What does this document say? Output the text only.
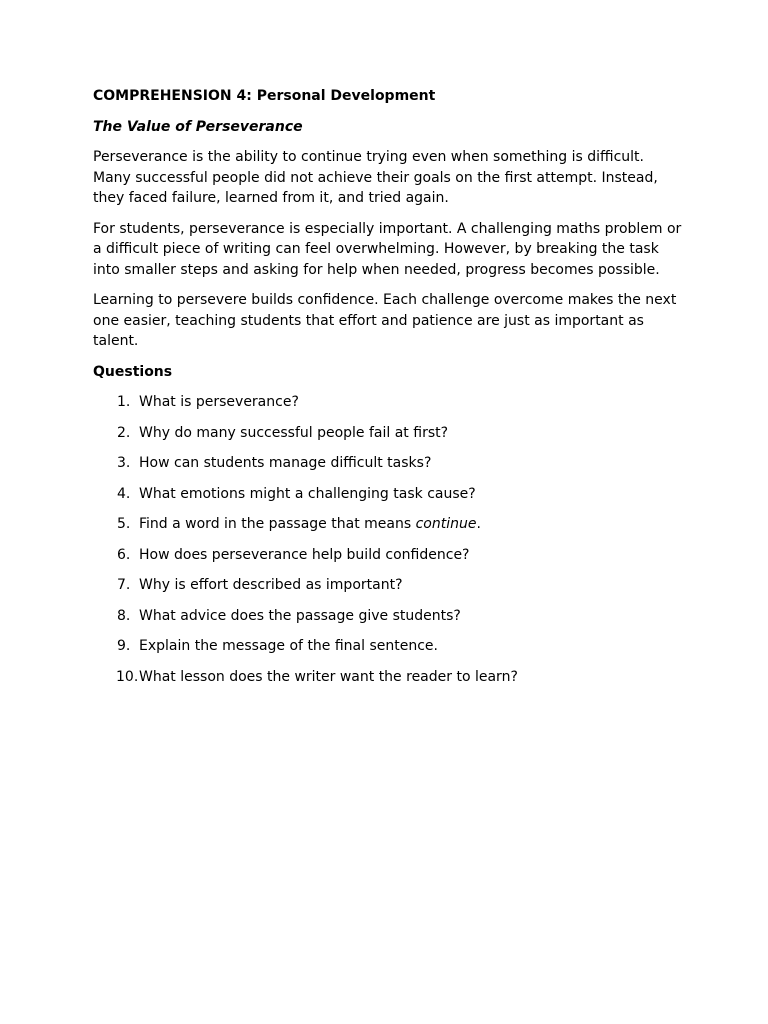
COMPREHENSION 4: Personal Development
The Value of Perseverance

Perseverance is the ability to continue trying even when something is difficult. Many successful people did not achieve their goals on the first attempt. Instead, they faced failure, learned from it, and tried again.

For students, perseverance is especially important. A challenging maths problem or a difficult piece of writing can feel overwhelming. However, by breaking the task into smaller steps and asking for help when needed, progress becomes possible.

Learning to persevere builds confidence. Each challenge overcome makes the next one easier, teaching students that effort and patience are just as important as talent.

Questions
1. What is perseverance?
2. Why do many successful people fail at first?
3. How can students manage difficult tasks?
4. What emotions might a challenging task cause?
5. Find a word in the passage that means continue.
6. How does perseverance help build confidence?
7. Why is effort described as important?
8. What advice does the passage give students?
9. Explain the message of the final sentence.
10. What lesson does the writer want the reader to learn?
